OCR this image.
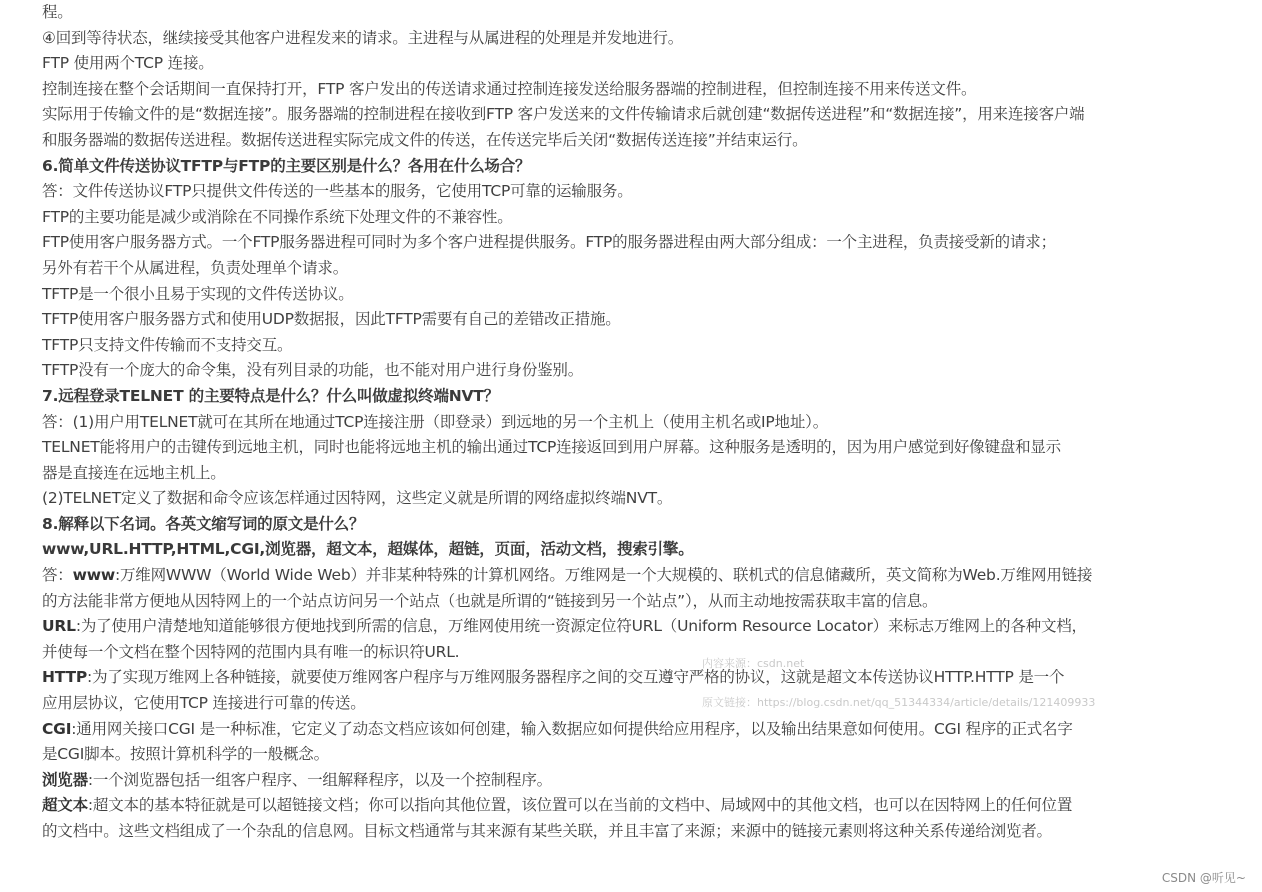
程。
④回到等待状态，继续接受其他客户进程发来的请求。主进程与从属进程的处理是并发地进行。
FTP 使用两个TCP 连接。
控制连接在整个会话期间一直保持打开，FTP 客户发出的传送请求通过控制连接发送给服务器端的控制进程，但控制连接不用来传送文件。
实际用于传输文件的是“数据连接”。服务器端的控制进程在接收到FTP 客户发送来的文件传输请求后就创建“数据传送进程”和“数据连接”，用来连接客户端
和服务器端的数据传送进程。数据传送进程实际完成文件的传送，在传送完毕后关闭“数据传送连接”并结束运行。
6.简单文件传送协议TFTP与FTP的主要区别是什么？各用在什么场合？
答：文件传送协议FTP只提供文件传送的一些基本的服务，它使用TCP可靠的运输服务。
FTP的主要功能是减少或消除在不同操作系统下处理文件的不兼容性。
FTP使用客户服务器方式。一个FTP服务器进程可同时为多个客户进程提供服务。FTP的服务器进程由两大部分组成：一个主进程，负责接受新的请求；
另外有若干个从属进程，负责处理单个请求。
TFTP是一个很小且易于实现的文件传送协议。
TFTP使用客户服务器方式和使用UDP数据报，因此TFTP需要有自己的差错改正措施。
TFTP只支持文件传输而不支持交互。
TFTP没有一个庞大的命令集，没有列目录的功能，也不能对用户进行身份鉴别。
7.远程登录TELNET 的主要特点是什么？什么叫做虚拟终端NVT？
答：(1)用户用TELNET就可在其所在地通过TCP连接注册（即登录）到远地的另一个主机上（使用主机名或IP地址）。
TELNET能将用户的击键传到远地主机，同时也能将远地主机的输出通过TCP连接返回到用户屏幕。这种服务是透明的，因为用户感觉到好像键盘和显示
器是直接连在远地主机上。
(2)TELNET定义了数据和命令应该怎样通过因特网，这些定义就是所谓的网络虚拟终端NVT。
8.解释以下名词。各英文缩写词的原文是什么？
www,URL.HTTP,HTML,CGI,浏览器，超文本，超媒体，超链，页面，活动文档，搜索引擎。
答：www:万维网WWW（World Wide Web）并非某种特殊的计算机网络。万维网是一个大规模的、联机式的信息储藏所，英文简称为Web.万维网用链接
的方法能非常方便地从因特网上的一个站点访问另一个站点（也就是所谓的“链接到另一个站点”），从而主动地按需获取丰富的信息。
URL:为了使用户清楚地知道能够很方便地找到所需的信息，万维网使用统一资源定位符URL（Uniform Resource Locator）来标志万维网上的各种文档，
并使每一个文档在整个因特网的范围内具有唯一的标识符URL.
HTTP:为了实现万维网上各种链接，就要使万维网客户程序与万维网服务器程序之间的交互遵守严格的协议，这就是超文本传送协议HTTP.HTTP 是一个
应用层协议，它使用TCP 连接进行可靠的传送。
CGI:通用网关接口CGI 是一种标准，它定义了动态文档应该如何创建，输入数据应如何提供给应用程序，以及输出结果意如何使用。CGI 程序的正式名字
是CGI脚本。按照计算机科学的一般概念。
浏览器:一个浏览器包括一组客户程序、一组解释程序，以及一个控制程序。
超文本:超文本的基本特征就是可以超链接文档；你可以指向其他位置，该位置可以在当前的文档中、局域网中的其他文档，也可以在因特网上的任何位置
的文档中。这些文档组成了一个杂乱的信息网。目标文档通常与其来源有某些关联，并且丰富了来源；来源中的链接元素则将这种关系传递给浏览者。
内容来源：csdn.net
原文链接：https://blog.csdn.net/qq_51344334/article/details/121409933
CSDN @听见~
